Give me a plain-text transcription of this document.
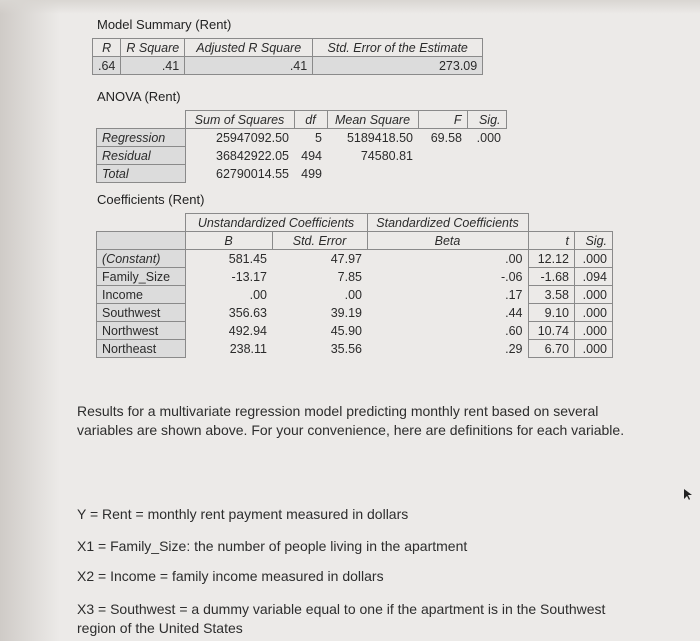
Model Summary (Rent)
R	R Square	Adjusted R Square	Std. Error of the Estimate
.64	.41	.41	273.09
ANOVA (Rent)
	Sum of Squares	df	Mean Square	F	Sig.
Regression	25947092.50	5	5189418.50	69.58	.000
Residual	36842922.05	494	74580.81		
Total	62790014.55	499			
Coefficients (Rent)
	Unstandardized Coefficients		Standardized Coefficients		
	B	Std. Error	Beta	t	Sig.
(Constant)	581.45	47.97	.00	12.12	.000
Family_Size	-13.17	7.85	-.06	-1.68	.094
Income	.00	.00	.17	3.58	.000
Southwest	356.63	39.19	.44	9.10	.000
Northwest	492.94	45.90	.60	10.74	.000
Northeast	238.11	35.56	.29	6.70	.000
Results for a multivariate regression model predicting monthly rent based on several variables are shown above. For your convenience, here are definitions for each variable.
Y = Rent = monthly rent payment measured in dollars
X1 = Family_Size: the number of people living in the apartment
X2 = Income = family income measured in dollars
X3 = Southwest = a dummy variable equal to one if the apartment is in the Southwest region of the United States
